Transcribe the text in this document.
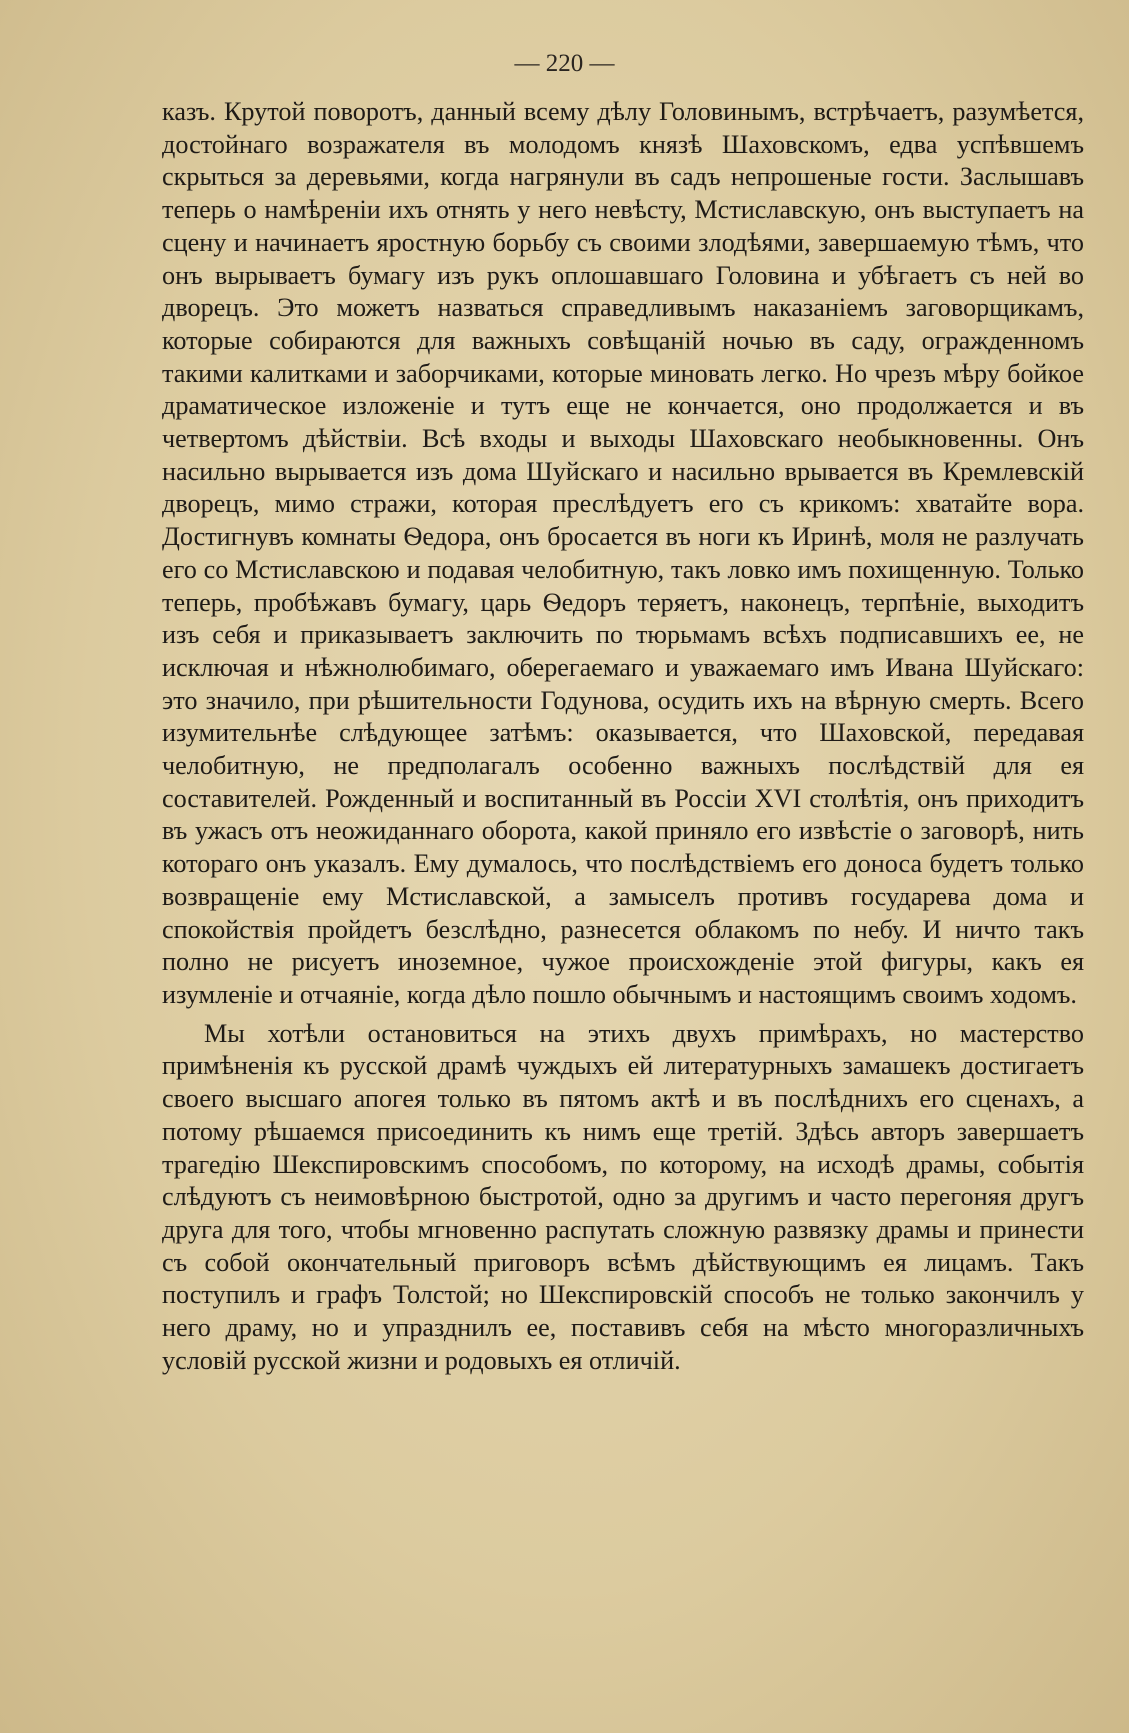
— 220 —

казъ. Крутой поворотъ, данный всему дѣлу Головинымъ, встрѣчаетъ, разумѣется, достойнаго возражателя въ молодомъ князѣ Шаховскомъ, едва успѣвшемъ скрыться за деревьями, когда нагрянули въ садъ непрошеные гости. Заслышавъ теперь о намѣреніи ихъ отнять у него невѣсту, Мстиславскую, онъ выступаетъ на сцену и начинаетъ яростную борьбу съ своими злодѣями, завершаемую тѣмъ, что онъ вырываетъ бумагу изъ рукъ оплошавшаго Головина и убѣгаетъ съ ней во дворецъ. Это можетъ назваться справедливымъ наказаніемъ заговорщикамъ, которые собираются для важныхъ совѣщаній ночью въ саду, огражденномъ такими калитками и заборчиками, которые миновать легко. Но чрезъ мѣру бойкое драматическое изложеніе и тутъ еще не кончается, оно продолжается и въ четвертомъ дѣйствіи. Всѣ входы и выходы Шаховскаго необыкновенны. Онъ насильно вырывается изъ дома Шуйскаго и насильно врывается въ Кремлевскій дворецъ, мимо стражи, которая преслѣдуетъ его съ крикомъ: хватайте вора. Достигнувъ комнаты Ѳедора, онъ бросается въ ноги къ Иринѣ, моля не разлучать его со Мстиславскою и подавая челобитную, такъ ловко имъ похищенную. Только теперь, пробѣжавъ бумагу, царь Ѳедоръ теряетъ, наконецъ, терпѣніе, выходитъ изъ себя и приказываетъ заключить по тюрьмамъ всѣхъ подписавшихъ ее, не исключая и нѣжнолюбимаго, оберегаемаго и уважаемаго имъ Ивана Шуйскаго: это значило, при рѣшительности Годунова, осудить ихъ на вѣрную смерть. Всего изумительнѣе слѣдующее затѣмъ: оказывается, что Шаховской, передавая челобитную, не предполагалъ особенно важныхъ послѣдствій для ея составителей. Рожденный и воспитанный въ Россіи XVI столѣтія, онъ приходитъ въ ужасъ отъ неожиданнаго оборота, какой приняло его извѣстіе о заговорѣ, нить котораго онъ указалъ. Ему думалось, что послѣдствіемъ его доноса будетъ только возвращеніе ему Мстиславской, а замыселъ противъ государева дома и спокойствія пройдетъ безслѣдно, разнесется облакомъ по небу. И ничто такъ полно не рисуетъ иноземное, чужое происхожденіе этой фигуры, какъ ея изумленіе и отчаяніе, когда дѣло пошло обычнымъ и настоящимъ своимъ ходомъ.

Мы хотѣли остановиться на этихъ двухъ примѣрахъ, но мастерство примѣненія къ русской драмѣ чуждыхъ ей литературныхъ замашекъ достигаетъ своего высшаго апогея только въ пятомъ актѣ и въ послѣднихъ его сценахъ, а потому рѣшаемся присоединить къ нимъ еще третій. Здѣсь авторъ завершаетъ трагедію Шекспировскимъ способомъ, по которому, на исходѣ драмы, событія слѣдуютъ съ неимовѣрною быстротой, одно за другимъ и часто перегоняя другъ друга для того, чтобы мгновенно распутать сложную развязку драмы и принести съ собой окончательный приговоръ всѣмъ дѣйствующимъ ея лицамъ. Такъ поступилъ и графъ Толстой; но Шекспировскій способъ не только закончилъ у него драму, но и упразднилъ ее, поставивъ себя на мѣсто многоразличныхъ условій русской жизни и родовыхъ ея отличій.
